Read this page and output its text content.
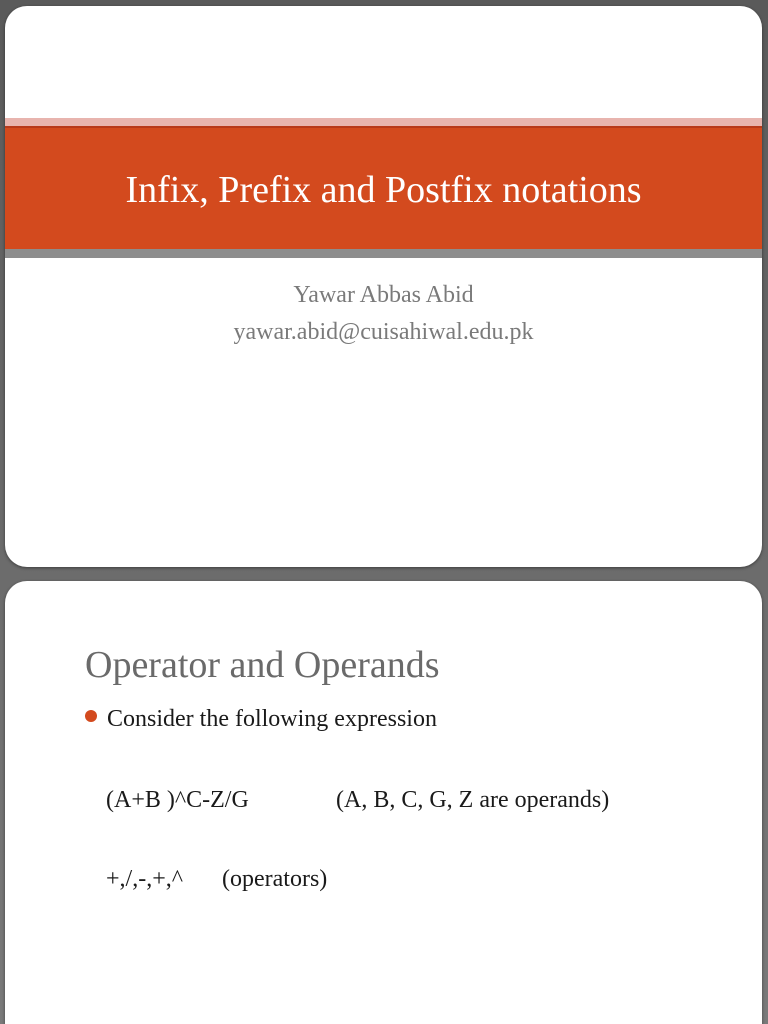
Infix, Prefix and Postfix notations
Yawar Abbas Abid
yawar.abid@cuisahiwal.edu.pk
Operator and Operands
Consider the following expression
(A+B )^C-Z/G	(A, B, C, G, Z are operands)
+,/,-,+,^ (operators)
